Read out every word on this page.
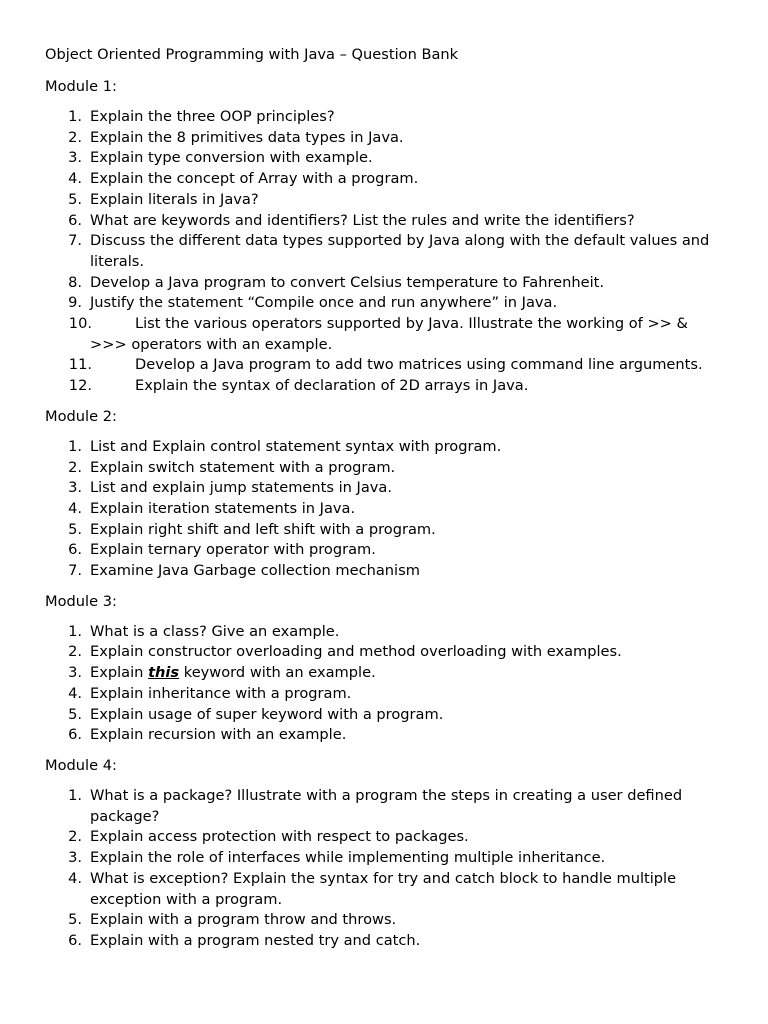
Object Oriented Programming with Java – Question Bank
Module 1:
1. Explain the three OOP principles?
2. Explain the 8 primitives data types in Java.
3. Explain type conversion with example.
4. Explain the concept of Array with a program.
5. Explain literals in Java?
6. What are keywords and identifiers? List the rules and write the identifiers?
7. Discuss the different data types supported by Java along with the default values and literals.
8. Develop a Java program to convert Celsius temperature to Fahrenheit.
9. Justify the statement “Compile once and run anywhere” in Java.
10.	List the various operators supported by Java. Illustrate the working of >> &
>>> operators with an example.
11.	Develop a Java program to add two matrices using command line arguments.
12.	Explain the syntax of declaration of 2D arrays in Java.
Module 2:
1. List and Explain control statement syntax with program.
2. Explain switch statement with a program.
3. List and explain jump statements in Java.
4. Explain iteration statements in Java.
5. Explain right shift and left shift with a program.
6. Explain ternary operator with program.
7. Examine Java Garbage collection mechanism
Module 3:
1. What is a class? Give an example.
2. Explain constructor overloading and method overloading with examples.
3. Explain this keyword with an example.
4. Explain inheritance with a program.
5. Explain usage of super keyword with a program.
6. Explain recursion with an example.
Module 4:
1. What is a package? Illustrate with a program the steps in creating a user defined package?
2. Explain access protection with respect to packages.
3. Explain the role of interfaces while implementing multiple inheritance.
4. What is exception? Explain the syntax for try and catch block to handle multiple exception with a program.
5. Explain with a program throw and throws.
6. Explain with a program nested try and catch.
